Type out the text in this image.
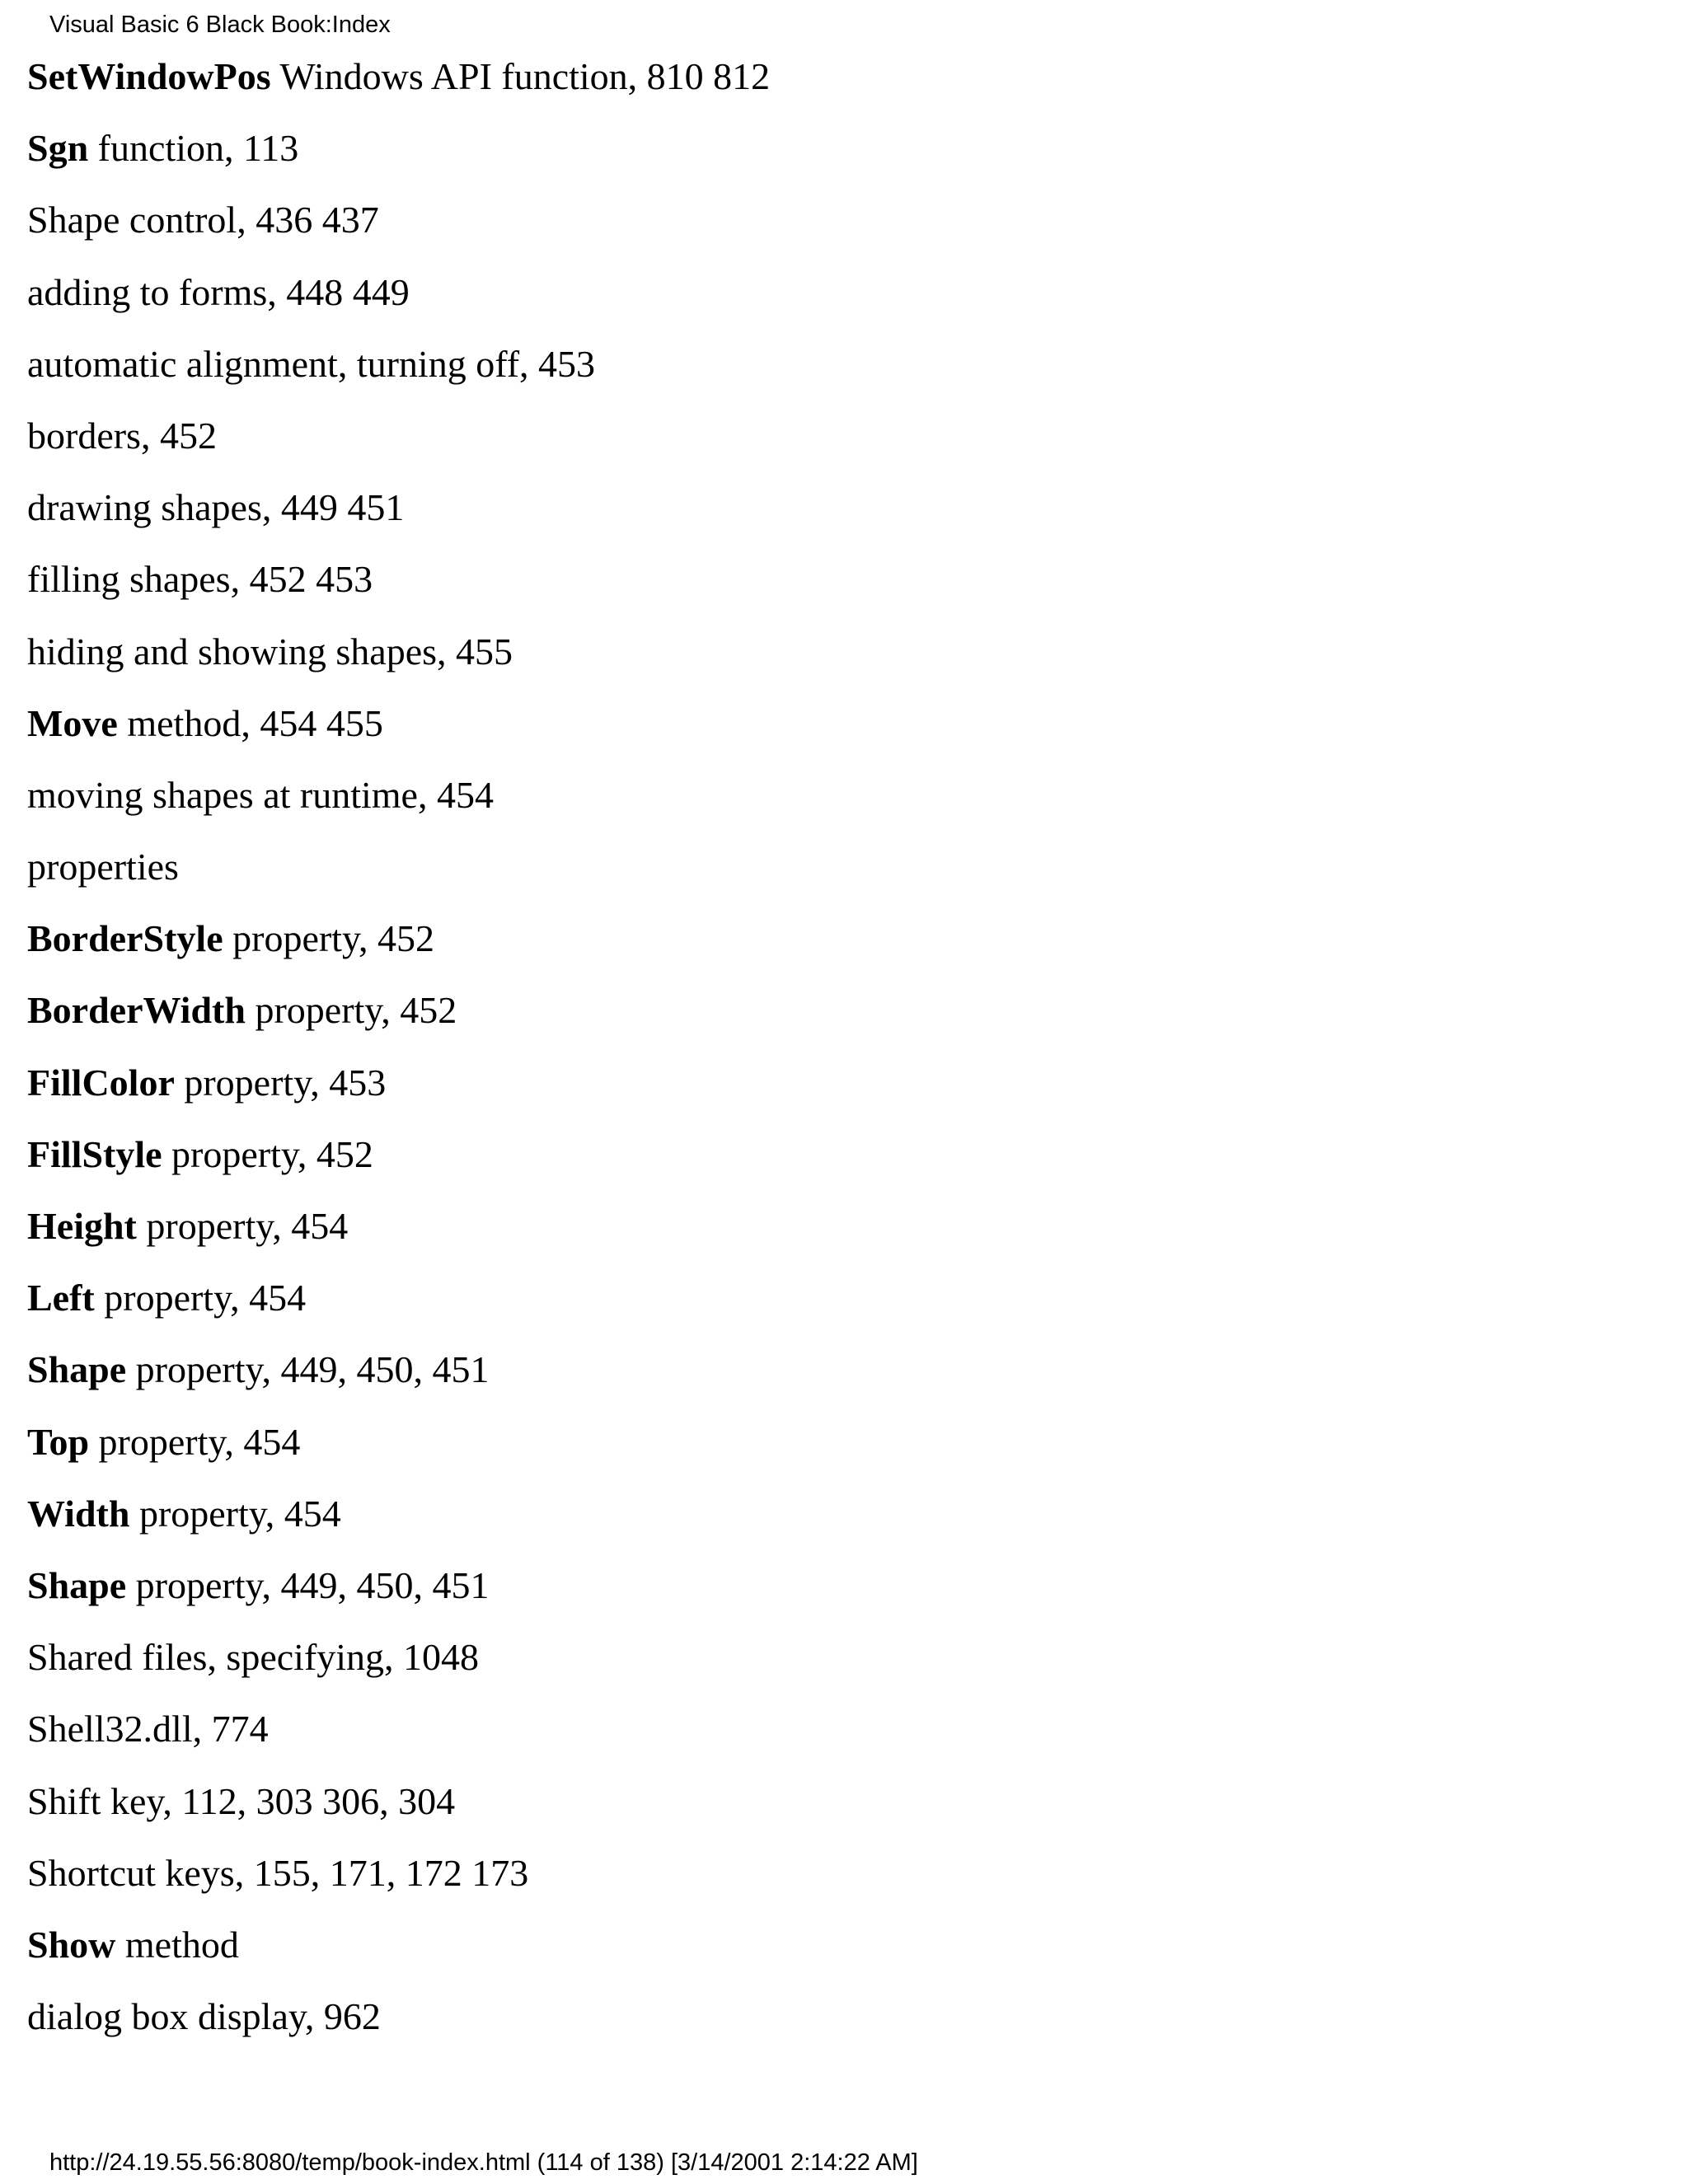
Visual Basic 6 Black Book:Index
SetWindowPos Windows API function, 810 812
Sgn function, 113
Shape control, 436 437
adding to forms, 448 449
automatic alignment, turning off, 453
borders, 452
drawing shapes, 449 451
filling shapes, 452 453
hiding and showing shapes, 455
Move method, 454 455
moving shapes at runtime, 454
properties
BorderStyle property, 452
BorderWidth property, 452
FillColor property, 453
FillStyle property, 452
Height property, 454
Left property, 454
Shape property, 449, 450, 451
Top property, 454
Width property, 454
Shape property, 449, 450, 451
Shared files, specifying, 1048
Shell32.dll, 774
Shift key, 112, 303 306, 304
Shortcut keys, 155, 171, 172 173
Show method
dialog box display, 962
http://24.19.55.56:8080/temp/book-index.html (114 of 138) [3/14/2001 2:14:22 AM]
